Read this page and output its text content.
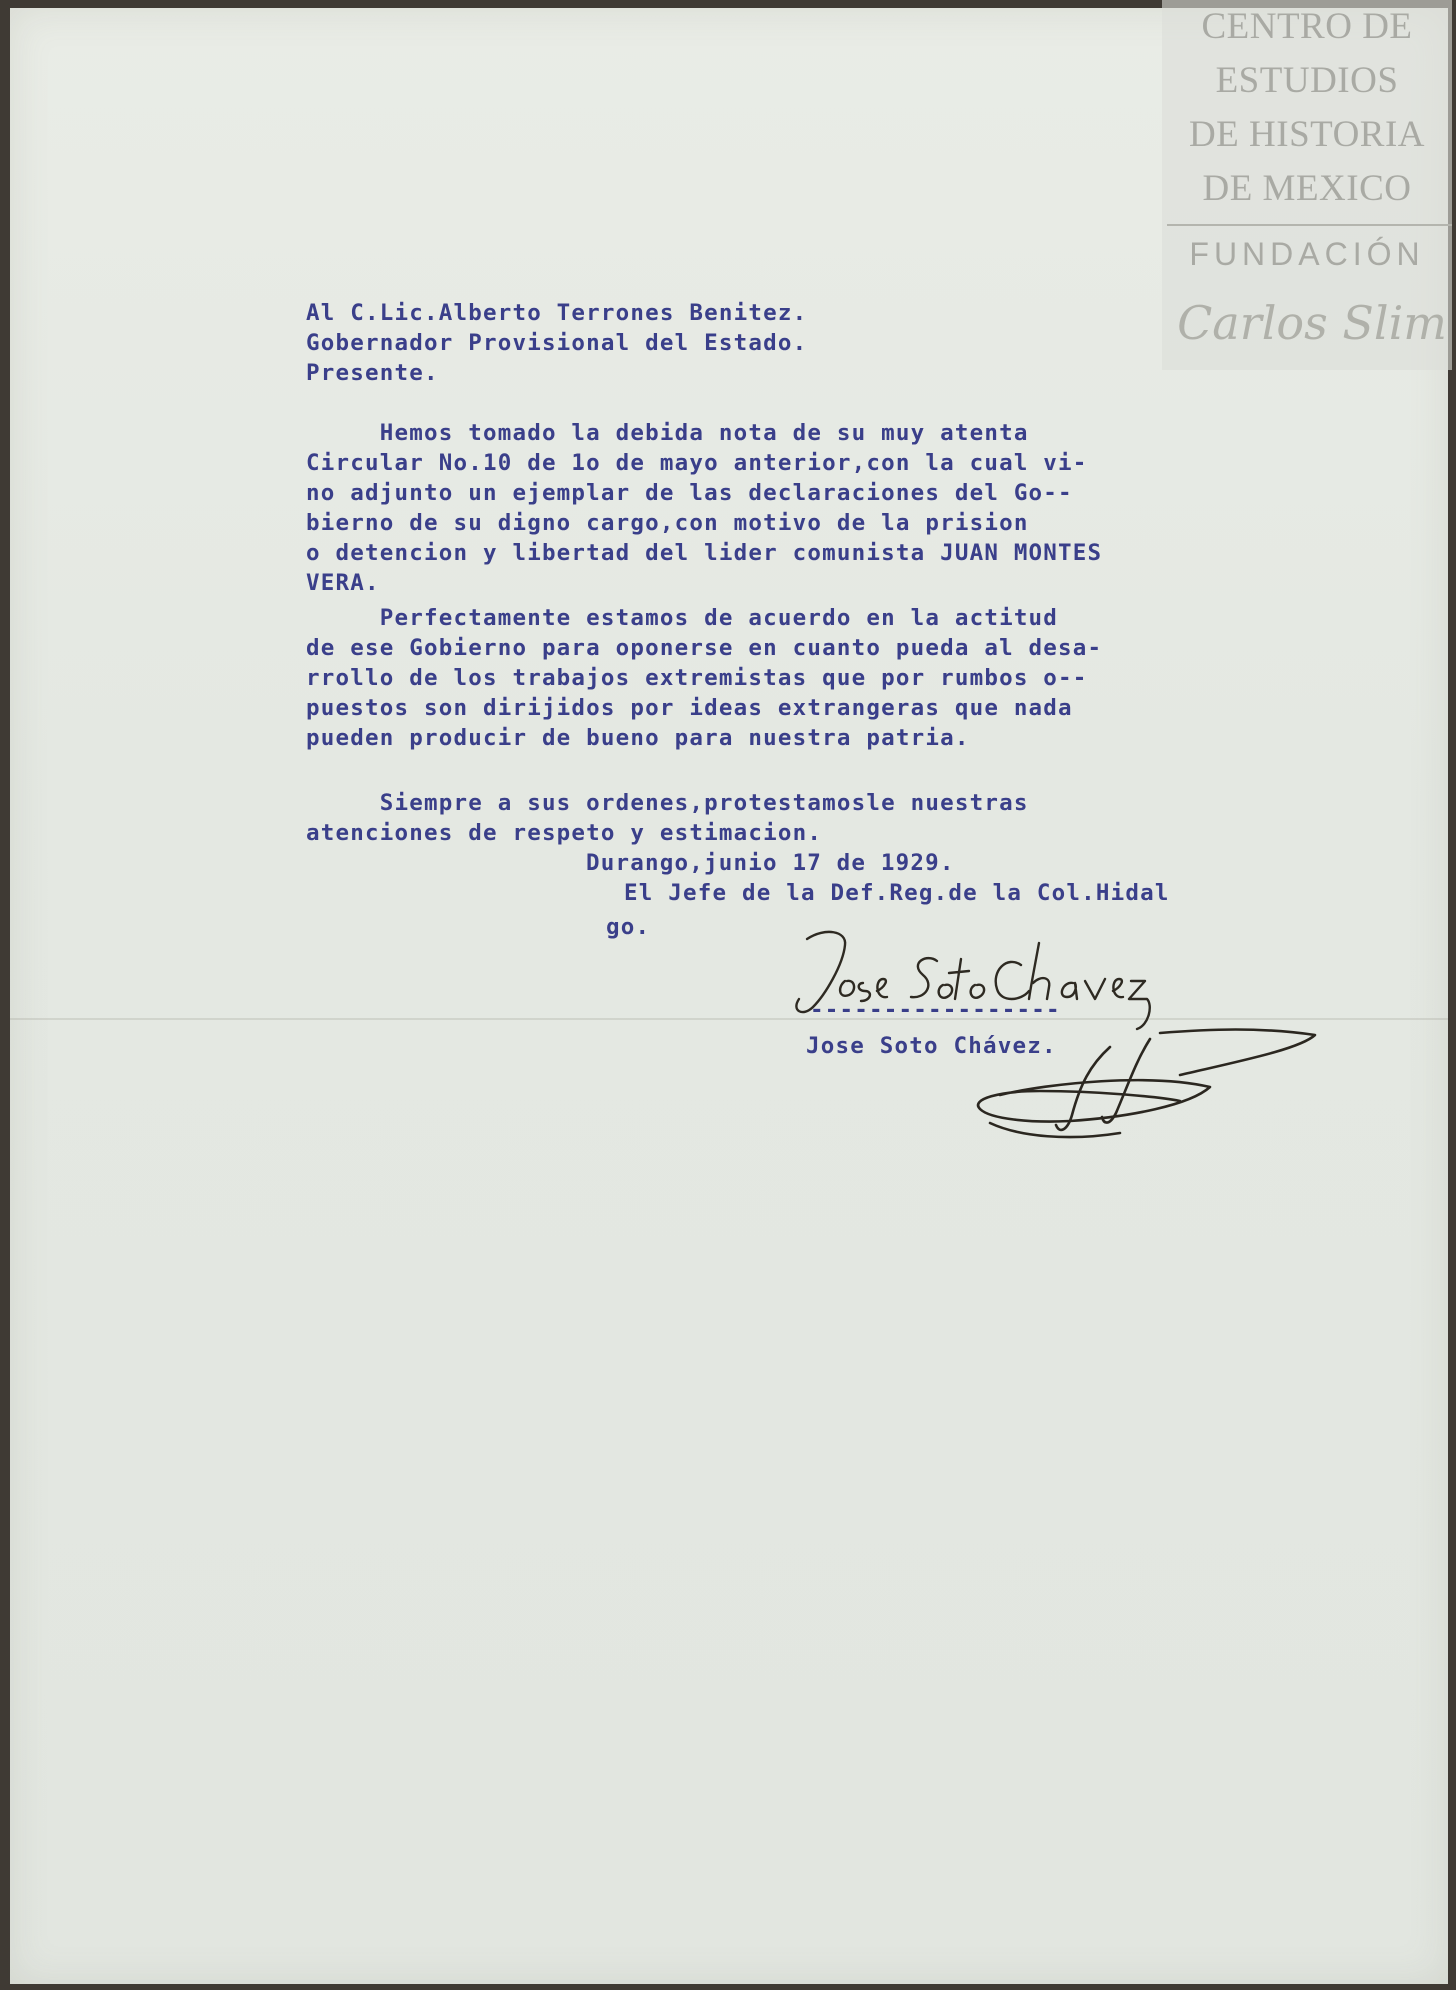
CENTRO DE
ESTUDIOS
DE HISTORIA
DE MEXICO
FUNDACIÓN
Carlos Slim
Al C.Lic.Alberto Terrones Benitez.
Gobernador Provisional del Estado.
Presente.
Hemos tomado la debida nota de su muy atenta
Circular No.10 de 1o de mayo anterior,con la cual vi-
no adjunto un ejemplar de las declaraciones del Go--
bierno de su digno cargo,con motivo de la prision
o detencion y libertad del lider comunista JUAN MONTES
VERA.
Perfectamente estamos de acuerdo en la actitud
de ese Gobierno para oponerse en cuanto pueda al desa-
rrollo de los trabajos extremistas que por rumbos o--
puestos son dirijidos por ideas extrangeras que nada
pueden producir de bueno para nuestra patria.
Siempre a sus ordenes,protestamosle nuestras
atenciones de respeto y estimacion.
Durango,junio 17 de 1929.
El Jefe de la Def.Reg.de la Col.Hidal
go.
-----------------
Jose Soto Chávez.
